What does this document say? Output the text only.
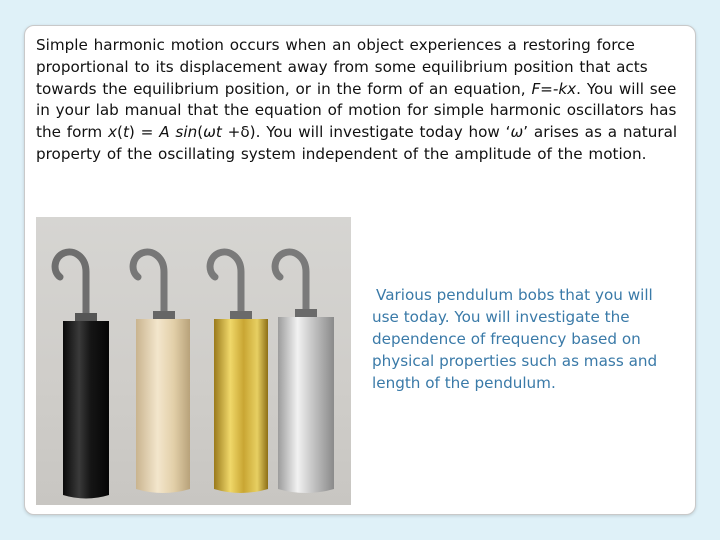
Simple harmonic motion occurs when an object experiences a restoring force proportional to its displacement away from some equilibrium position that acts towards the equilibrium position, or in the form of an equation, F=-kx. You will see in your lab manual that the equation of motion for simple harmonic oscillators has the form x(t) = A sin(ωt +δ). You will investigate today how ‘ω’ arises as a natural property of the oscillating system independent of the amplitude of the motion.

Various pendulum bobs that you will use today. You will investigate the dependence of frequency based on physical properties such as mass and length of the pendulum.
